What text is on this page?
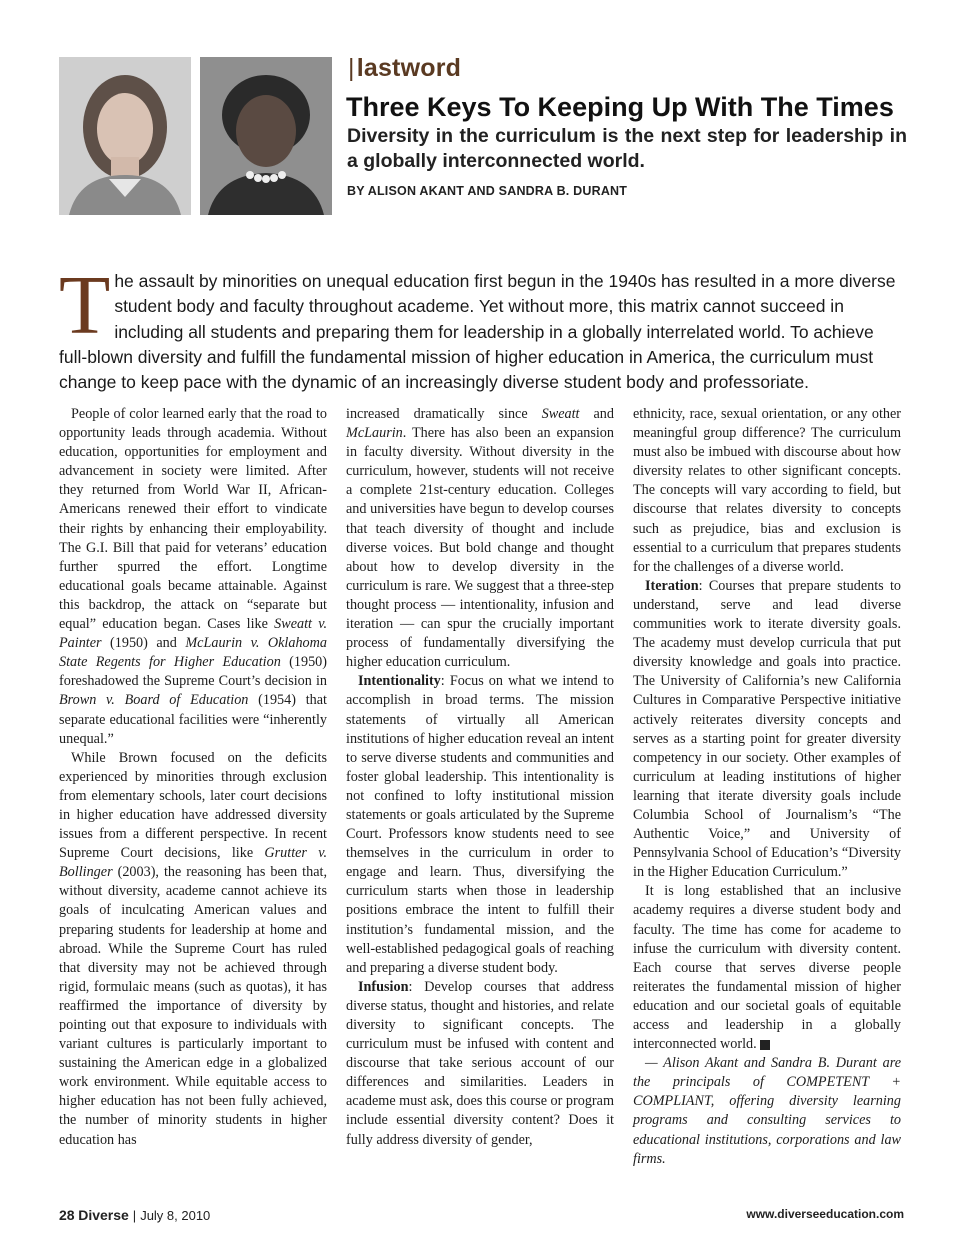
|lastword
Three Keys To Keeping Up With The Times

Diversity in the curriculum is the next step for leadership in a globally interconnected world.

BY ALISON AKANT AND SANDRA B. DURANT

The assault by minorities on unequal education first begun in the 1940s has resulted in a more diverse student body and faculty throughout academe. Yet without more, this matrix cannot succeed in including all students and preparing them for leadership in a globally interrelated world. To achieve full-blown diversity and fulfill the fundamental mission of higher education in America, the curriculum must change to keep pace with the dynamic of an increasingly diverse student body and professoriate.

People of color learned early that the road to opportunity leads through academia. Without education, opportunities for employment and advancement in society were limited. After they returned from World War II, African-Americans renewed their effort to vindicate their rights by enhancing their employability. The G.I. Bill that paid for veterans’ education further spurred the effort. Longtime educational goals became attainable. Against this backdrop, the attack on “separate but equal” education began. Cases like Sweatt v. Painter (1950) and McLaurin v. Oklahoma State Regents for Higher Education (1950) foreshadowed the Supreme Court’s decision in Brown v. Board of Education (1954) that separate educational facilities were “inherently unequal.”

While Brown focused on the deficits experienced by minorities through exclusion from elementary schools, later court decisions in higher education have addressed diversity issues from a different perspective. In recent Supreme Court decisions, like Grutter v. Bollinger (2003), the reasoning has been that, without diversity, academe cannot achieve its goals of inculcating American values and preparing students for leadership at home and abroad. While the Supreme Court has ruled that diversity may not be achieved through rigid, formulaic means (such as quotas), it has reaffirmed the importance of diversity by pointing out that exposure to individuals with variant cultures is particularly important to sustaining the American edge in a globalized work environment. While equitable access to higher education has not been fully achieved, the number of minority students in higher education has

increased dramatically since Sweatt and McLaurin. There has also been an expansion in faculty diversity. Without diversity in the curriculum, however, students will not receive a complete 21st-century education. Colleges and universities have begun to develop courses that teach diversity of thought and include diverse voices. But bold change and thought about how to develop diversity in the curriculum is rare. We suggest that a three-step thought process — intentionality, infusion and iteration — can spur the crucially important process of fundamentally diversifying the higher education curriculum.

Intentionality: Focus on what we intend to accomplish in broad terms. The mission statements of virtually all American institutions of higher education reveal an intent to serve diverse students and communities and foster global leadership. This intentionality is not confined to lofty institutional mission statements or goals articulated by the Supreme Court. Professors know students need to see themselves in the curriculum in order to engage and learn. Thus, diversifying the curriculum starts when those in leadership positions embrace the intent to fulfill their institution’s fundamental mission, and the well-established pedagogical goals of reaching and preparing a diverse student body.

Infusion: Develop courses that address diverse status, thought and histories, and relate diversity to significant concepts. The curriculum must be infused with content and discourse that take serious account of our differences and similarities. Leaders in academe must ask, does this course or program include essential diversity content? Does it fully address diversity of gender,

ethnicity, race, sexual orientation, or any other meaningful group difference? The curriculum must also be imbued with discourse about how diversity relates to other significant concepts. The concepts will vary according to field, but discourse that relates diversity to concepts such as prejudice, bias and exclusion is essential to a curriculum that prepares students for the challenges of a diverse world.

Iteration: Courses that prepare students to understand, serve and lead diverse communities work to iterate diversity goals. The academy must develop curricula that put diversity knowledge and goals into practice. The University of California’s new California Cultures in Comparative Perspective initiative actively reiterates diversity concepts and serves as a starting point for greater diversity competency in our society. Other examples of curriculum at leading institutions of higher learning that iterate diversity goals include Columbia School of Journalism’s “The Authentic Voice,” and University of Pennsylvania School of Education’s “Diversity in the Higher Education Curriculum.”

It is long established that an inclusive academy requires a diverse student body and faculty. The time has come for academe to infuse the curriculum with diversity content. Each course that serves diverse people reiterates the fundamental mission of higher education and our societal goals of equitable access and leadership in a globally interconnected world. ■

— Alison Akant and Sandra B. Durant are the principals of COMPETENT + COMPLIANT, offering diversity learning programs and consulting services to educational institutions, corporations and law firms.

28 Diverse | July 8, 2010	www.diverseeducation.com
